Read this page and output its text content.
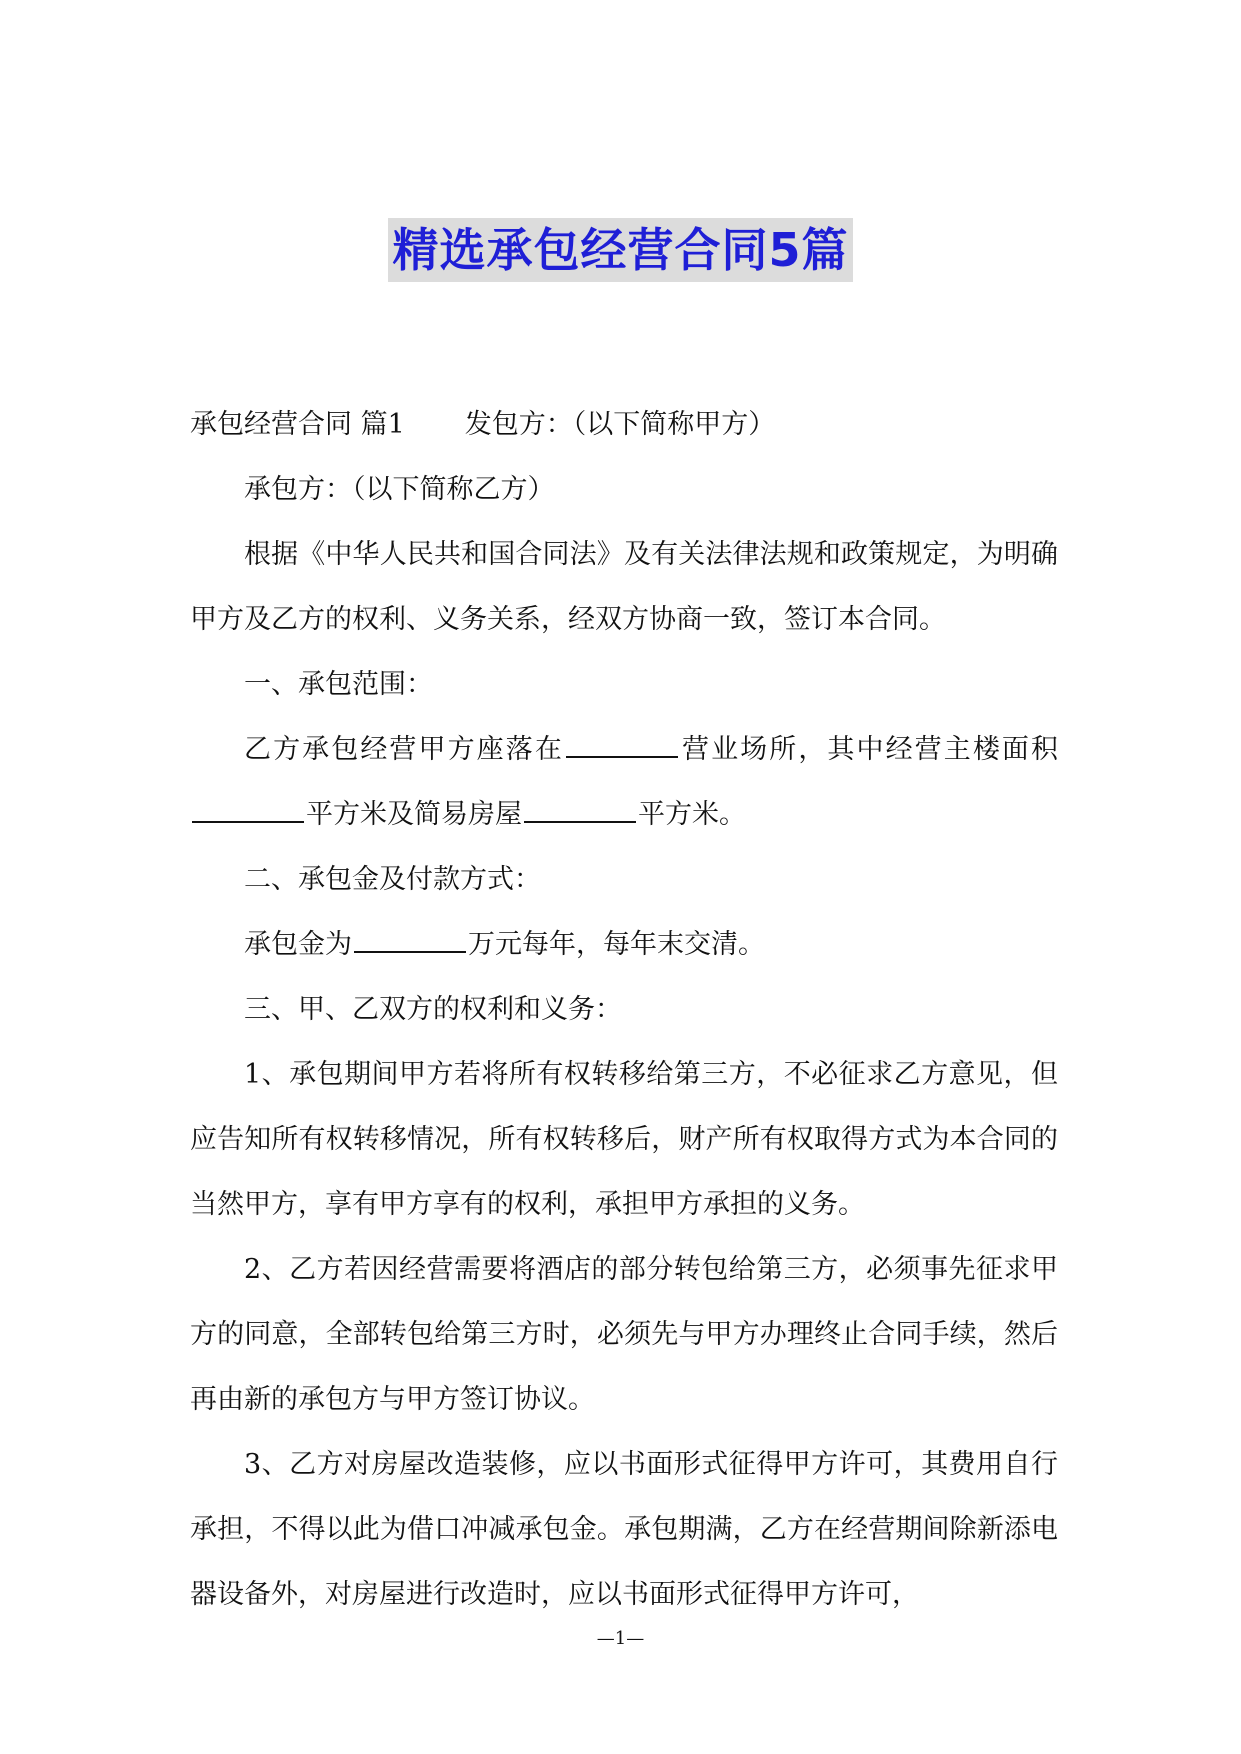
精选承包经营合同5篇

承包经营合同 篇1 发包方：（以下简称甲方）

承包方：（以下简称乙方）

根据《中华人民共和国合同法》及有关法律法规和政策规定，为明确甲方及乙方的权利、义务关系，经双方协商一致，签订本合同。

一、承包范围：

乙方承包经营甲方座落在	营业场所，其中经营主楼面积平方米及简易房屋	平方米。

二、承包金及付款方式：

承包金为	万元每年，每年末交清。

三、甲、乙双方的权利和义务：

1、承包期间甲方若将所有权转移给第三方，不必征求乙方意见，但应告知所有权转移情况，所有权转移后，财产所有权取得方式为本合同的当然甲方，享有甲方享有的权利，承担甲方承担的义务。

2、乙方若因经营需要将酒店的部分转包给第三方，必须事先征求甲方的同意，全部转包给第三方时，必须先与甲方办理终止合同手续，然后再由新的承包方与甲方签订协议。

3、乙方对房屋改造装修，应以书面形式征得甲方许可，其费用自行承担，不得以此为借口冲减承包金。承包期满，乙方在经营期间除新添电器设备外，对房屋进行改造时，应以书面形式征得甲方许可，

—1—
